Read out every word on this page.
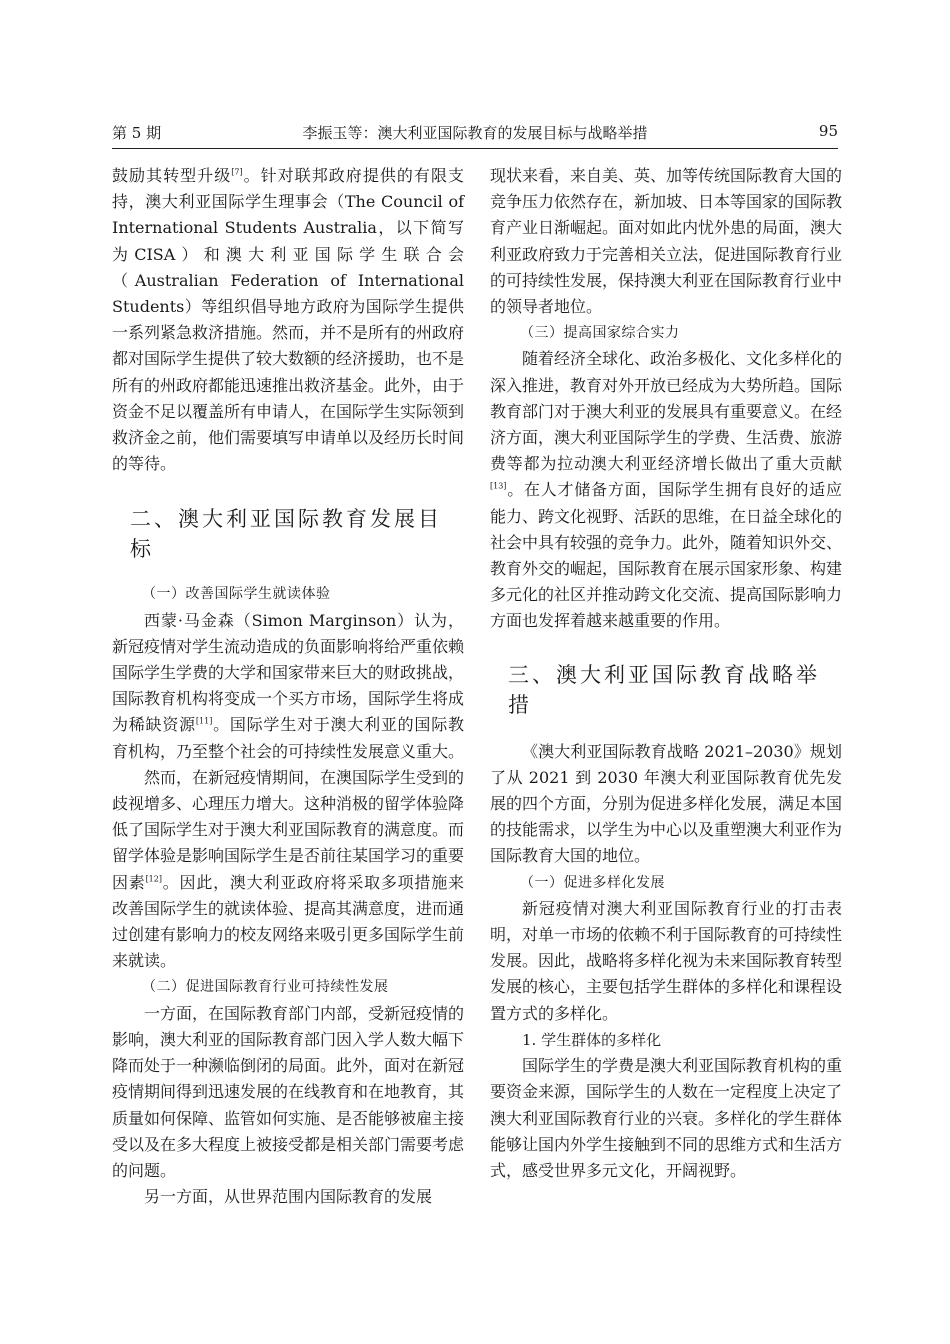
李振玉等：澳大利亚国际教育的发展目标与战略举措
第 5 期	95

鼓励其转型升级[7]。针对联邦政府提供的有限支持，澳大利亚国际学生理事会（The Council of International Students Australia，以下简写为CISA）和澳大利亚国际学生联合会（Australian Federation of International Students）等组织倡导地方政府为国际学生提供一系列紧急救济措施。然而，并不是所有的州政府都对国际学生提供了较大数额的经济援助，也不是所有的州政府都能迅速推出救济基金。此外，由于资金不足以覆盖所有申请人，在国际学生实际领到救济金之前，他们需要填写申请单以及经历长时间的等待。

二、澳大利亚国际教育发展目标

（一）改善国际学生就读体验

西蒙·马金森（Simon Marginson）认为，新冠疫情对学生流动造成的负面影响将给严重依赖国际学生学费的大学和国家带来巨大的财政挑战，国际教育机构将变成一个买方市场，国际学生将成为稀缺资源[11]。国际学生对于澳大利亚的国际教育机构，乃至整个社会的可持续性发展意义重大。

然而，在新冠疫情期间，在澳国际学生受到的歧视增多、心理压力增大。这种消极的留学体验降低了国际学生对于澳大利亚国际教育的满意度。而留学体验是影响国际学生是否前往某国学习的重要因素[12]。因此，澳大利亚政府将采取多项措施来改善国际学生的就读体验、提高其满意度，进而通过创建有影响力的校友网络来吸引更多国际学生前来就读。

（二）促进国际教育行业可持续性发展

一方面，在国际教育部门内部，受新冠疫情的影响，澳大利亚的国际教育部门因入学人数大幅下降而处于一种濒临倒闭的局面。此外，面对在新冠疫情期间得到迅速发展的在线教育和在地教育，其质量如何保障、监管如何实施、是否能够被雇主接受以及在多大程度上被接受都是相关部门需要考虑的问题。

另一方面，从世界范围内国际教育的发展

现状来看，来自美、英、加等传统国际教育大国的竞争压力依然存在，新加坡、日本等国家的国际教育产业日渐崛起。面对如此内忧外患的局面，澳大利亚政府致力于完善相关立法，促进国际教育行业的可持续性发展，保持澳大利亚在国际教育行业中的领导者地位。

（三）提高国家综合实力

随着经济全球化、政治多极化、文化多样化的深入推进，教育对外开放已经成为大势所趋。国际教育部门对于澳大利亚的发展具有重要意义。在经济方面，澳大利亚国际学生的学费、生活费、旅游费等都为拉动澳大利亚经济增长做出了重大贡献[13]。在人才储备方面，国际学生拥有良好的适应能力、跨文化视野、活跃的思维，在日益全球化的社会中具有较强的竞争力。此外，随着知识外交、教育外交的崛起，国际教育在展示国家形象、构建多元化的社区并推动跨文化交流、提高国际影响力方面也发挥着越来越重要的作用。

三、澳大利亚国际教育战略举措

《澳大利亚国际教育战略 2021–2030》规划了从 2021 到 2030 年澳大利亚国际教育优先发展的四个方面，分别为促进多样化发展，满足本国的技能需求，以学生为中心以及重塑澳大利亚作为国际教育大国的地位。

（一）促进多样化发展

新冠疫情对澳大利亚国际教育行业的打击表明，对单一市场的依赖不利于国际教育的可持续性发展。因此，战略将多样化视为未来国际教育转型发展的核心，主要包括学生群体的多样化和课程设置方式的多样化。

1. 学生群体的多样化

国际学生的学费是澳大利亚国际教育机构的重要资金来源，国际学生的人数在一定程度上决定了澳大利亚国际教育行业的兴衰。多样化的学生群体能够让国内外学生接触到不同的思维方式和生活方式，感受世界多元文化，开阔视野。
